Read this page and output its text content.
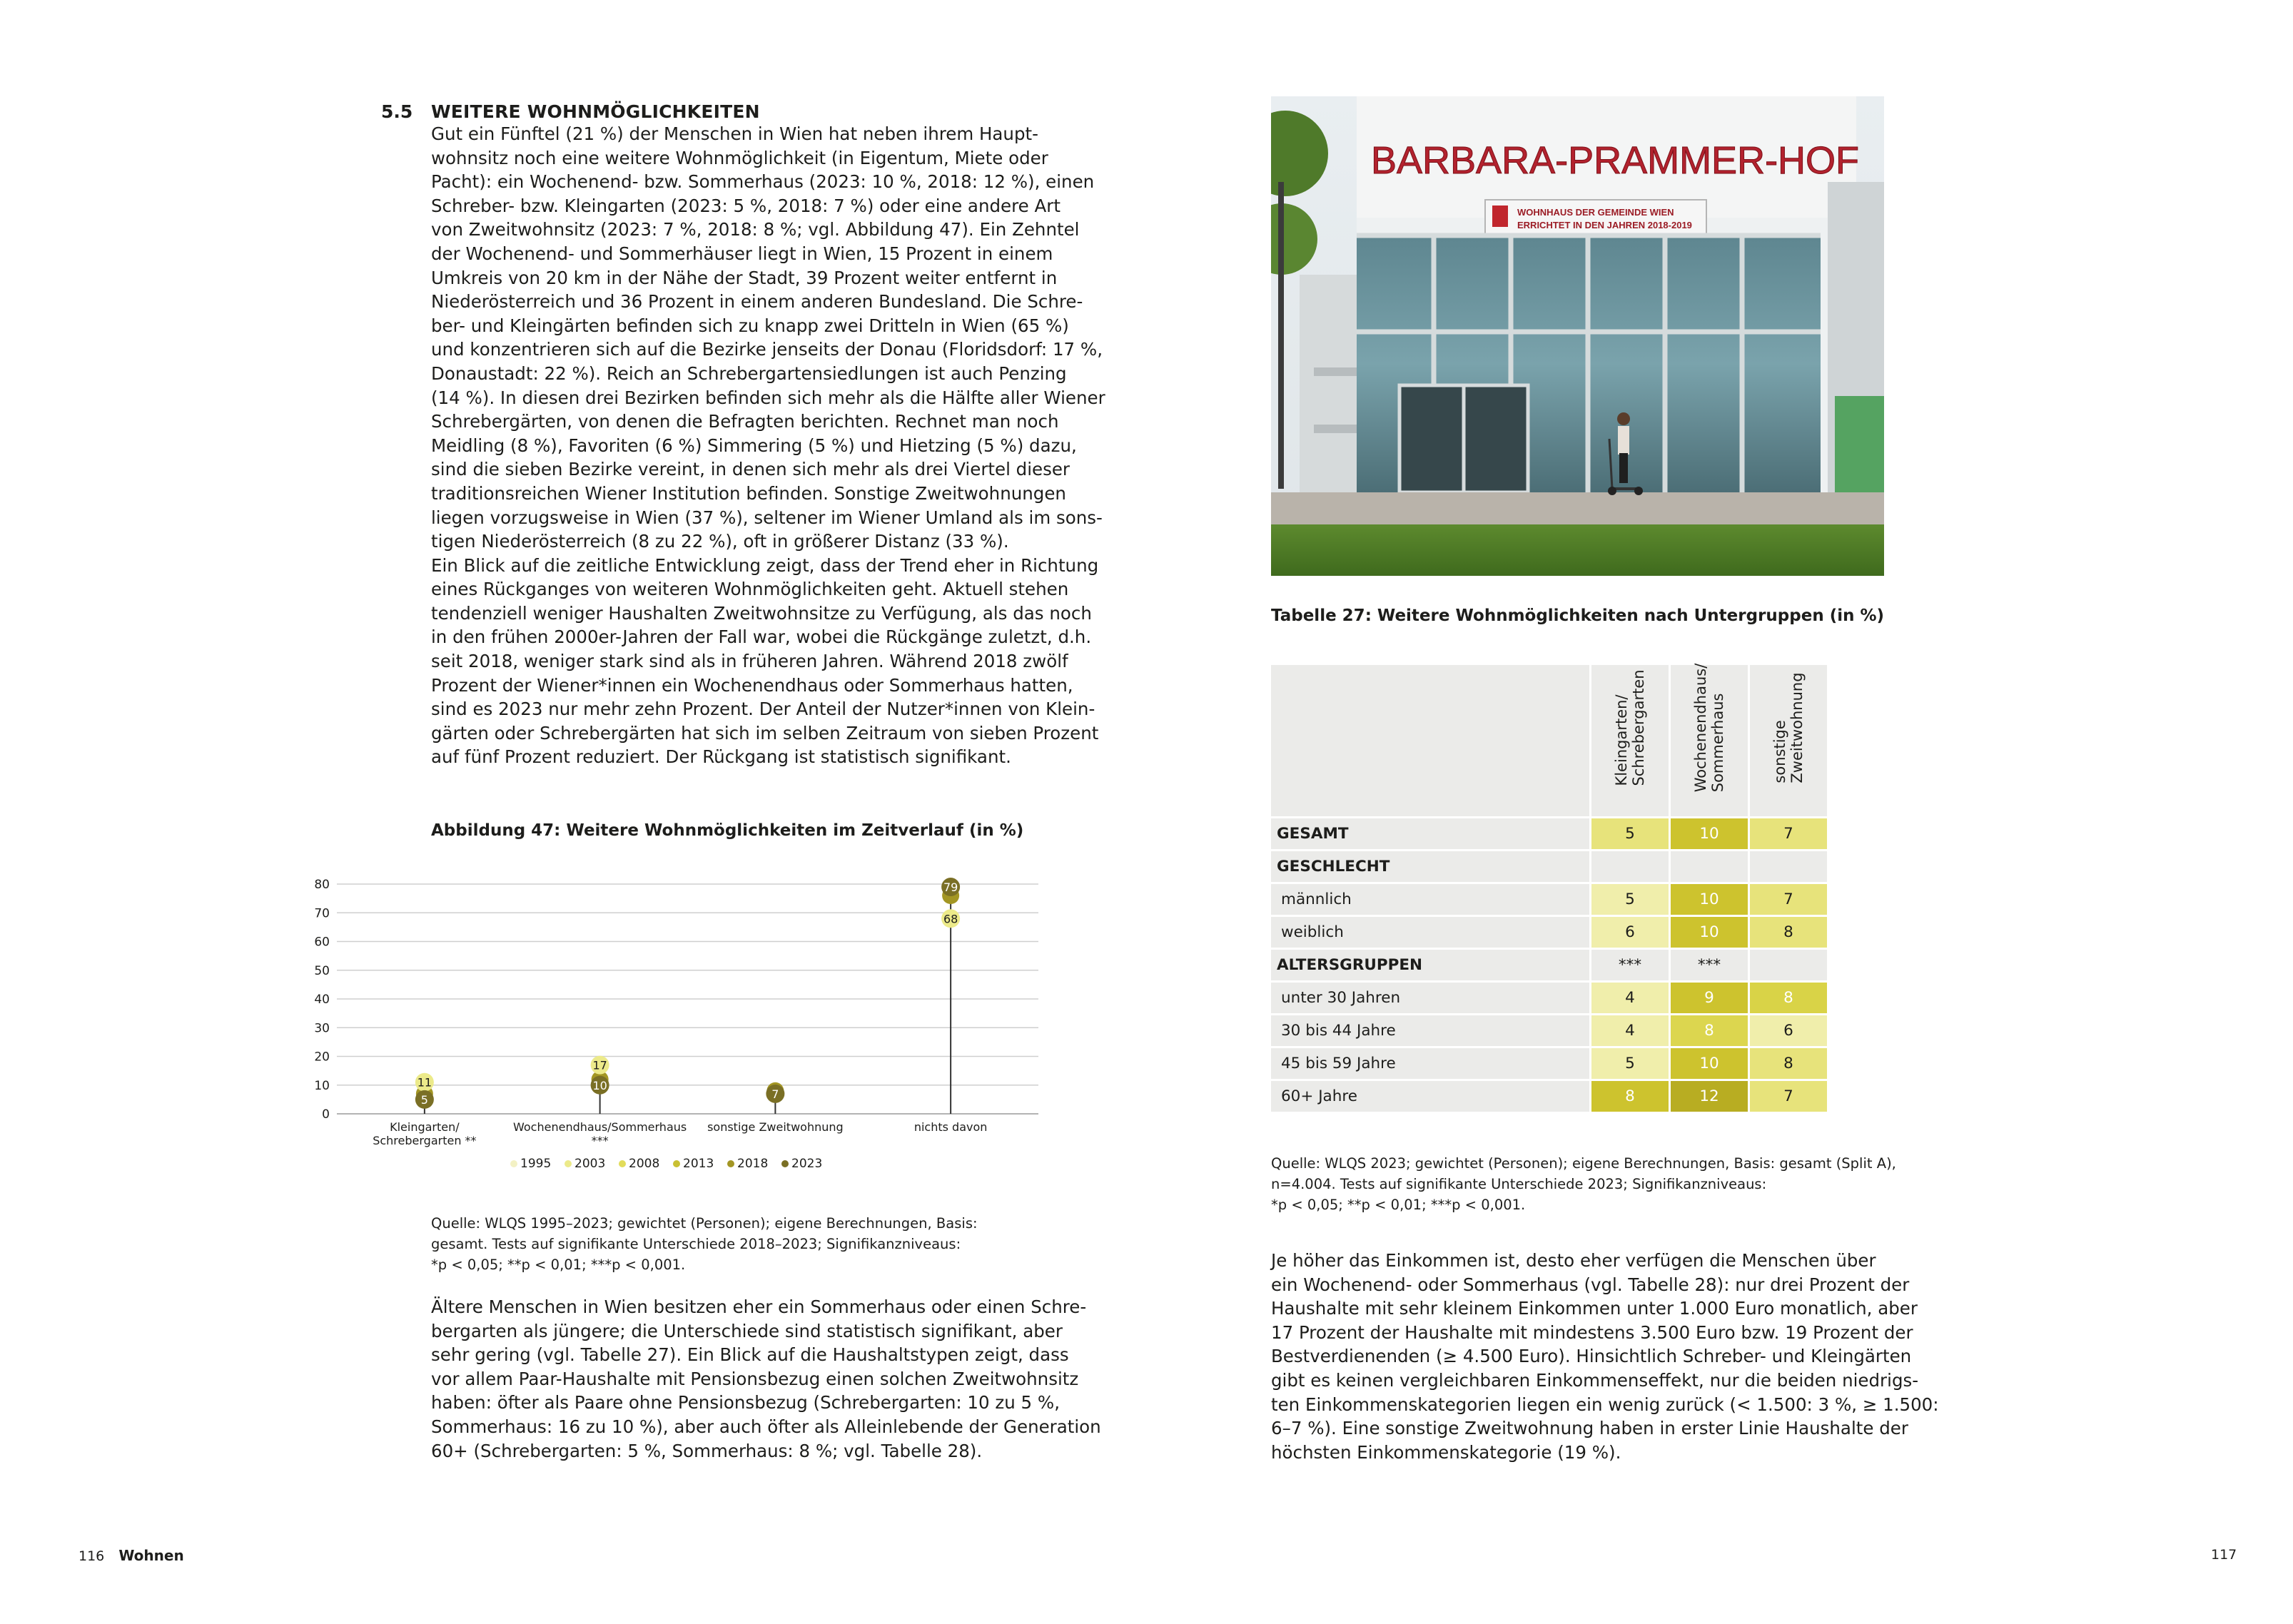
5.5 WEITERE WOHNMÖGLICHKEITEN
Gut ein Fünftel (21 %) der Menschen in Wien hat neben ihrem Haupt-
wohnsitz noch eine weitere Wohnmöglichkeit (in Eigentum, Miete oder
Pacht): ein Wochenend- bzw. Sommerhaus (2023: 10 %, 2018: 12 %), einen
Schreber- bzw. Kleingarten (2023: 5 %, 2018: 7 %) oder eine andere Art
von Zweitwohnsitz (2023: 7 %, 2018: 8 %; vgl. Abbildung 47). Ein Zehntel
der Wochenend- und Sommerhäuser liegt in Wien, 15 Prozent in einem
Umkreis von 20 km in der Nähe der Stadt, 39 Prozent weiter entfernt in
Niederösterreich und 36 Prozent in einem anderen Bundesland. Die Schre-
ber- und Kleingärten befinden sich zu knapp zwei Dritteln in Wien (65 %)
und konzentrieren sich auf die Bezirke jenseits der Donau (Floridsdorf: 17 %,
Donaustadt: 22 %). Reich an Schrebergartensiedlungen ist auch Penzing
(14 %). In diesen drei Bezirken befinden sich mehr als die Hälfte aller Wiener
Schrebergärten, von denen die Befragten berichten. Rechnet man noch
Meidling (8 %), Favoriten (6 %) Simmering (5 %) und Hietzing (5 %) dazu,
sind die sieben Bezirke vereint, in denen sich mehr als drei Viertel dieser
traditionsreichen Wiener Institution befinden. Sonstige Zweitwohnungen
liegen vorzugsweise in Wien (37 %), seltener im Wiener Umland als im sons-
tigen Niederösterreich (8 zu 22 %), oft in größerer Distanz (33 %).
Ein Blick auf die zeitliche Entwicklung zeigt, dass der Trend eher in Richtung
eines Rückganges von weiteren Wohnmöglichkeiten geht. Aktuell stehen
tendenziell weniger Haushalten Zweitwohnsitze zu Verfügung, als das noch
in den frühen 2000er-Jahren der Fall war, wobei die Rückgänge zuletzt, d.h.
seit 2018, weniger stark sind als in früheren Jahren. Während 2018 zwölf
Prozent der Wiener*innen ein Wochenendhaus oder Sommerhaus hatten,
sind es 2023 nur mehr zehn Prozent. Der Anteil der Nutzer*innen von Klein-
gärten oder Schrebergärten hat sich im selben Zeitraum von sieben Prozent
auf fünf Prozent reduziert. Der Rückgang ist statistisch signifikant.
Abbildung 47: Weitere Wohnmöglichkeiten im Zeitverlauf (in %)
0
10
20
30
40
50
60
70
80
11
5
17
10
7
79
68
Kleingarten/
Schrebergarten **
Wochenendhaus/Sommerhaus
***
sonstige Zweitwohnung	nichts davon
1995 2003 2008 2013 2018 2023
Quelle: WLQS 1995–2023; gewichtet (Personen); eigene Berechnungen, Basis:
gesamt. Tests auf signifikante Unterschiede 2018–2023; Signifikanzniveaus:
*p < 0,05; **p < 0,01; ***p < 0,001.
Ältere Menschen in Wien besitzen eher ein Sommerhaus oder einen Schre-
bergarten als jüngere; die Unterschiede sind statistisch signifikant, aber
sehr gering (vgl. Tabelle 27). Ein Blick auf die Haushaltstypen zeigt, dass
vor allem Paar-Haushalte mit Pensionsbezug einen solchen Zweitwohnsitz
haben: öfter als Paare ohne Pensionsbezug (Schrebergarten: 10 zu 5 %,
Sommerhaus: 16 zu 10 %), aber auch öfter als Alleinlebende der Generation
60+ (Schrebergarten: 5 %, Sommerhaus: 8 %; vgl. Tabelle 28).
WOHNHAUS DER GEMEINDE WIEN
ERRICHTET IN DEN JAHREN 2018-2019
BARBARA-PRAMMER-HOF
Tabelle 27: Weitere Wohnmöglichkeiten nach Untergruppen (in %)

	Kleingarten/
Schrebergarten	Wochenendhaus/
Sommerhaus	sonstige
Zweitwohnung

GESAMT	5	10	7
GESCHLECHT			
männlich	5	10	7
weiblich	6	10	8
ALTERSGRUPPEN	***	***	
unter 30 Jahren	4	9	8
30 bis 44 Jahre	4	8	6
45 bis 59 Jahre	5	10	8
60+ Jahre	8	12	7
Quelle: WLQS 2023; gewichtet (Personen); eigene Berechnungen, Basis: gesamt (Split A),
n=4.004. Tests auf signifikante Unterschiede 2023; Signifikanzniveaus:
*p < 0,05; **p < 0,01; ***p < 0,001.
Je höher das Einkommen ist, desto eher verfügen die Menschen über
ein Wochenend- oder Sommerhaus (vgl. Tabelle 28): nur drei Prozent der
Haushalte mit sehr kleinem Einkommen unter 1.000 Euro monatlich, aber
17 Prozent der Haushalte mit mindestens 3.500 Euro bzw. 19 Prozent der
Bestverdienenden (≥ 4.500 Euro). Hinsichtlich Schreber- und Kleingärten
gibt es keinen vergleichbaren Einkommenseffekt, nur die beiden niedrigs-
ten Einkommenskategorien liegen ein wenig zurück (< 1.500: 3 %, ≥ 1.500:
6–7 %). Eine sonstige Zweitwohnung haben in erster Linie Haushalte der
höchsten Einkommenskategorie (19 %).
116 Wohnen	117
